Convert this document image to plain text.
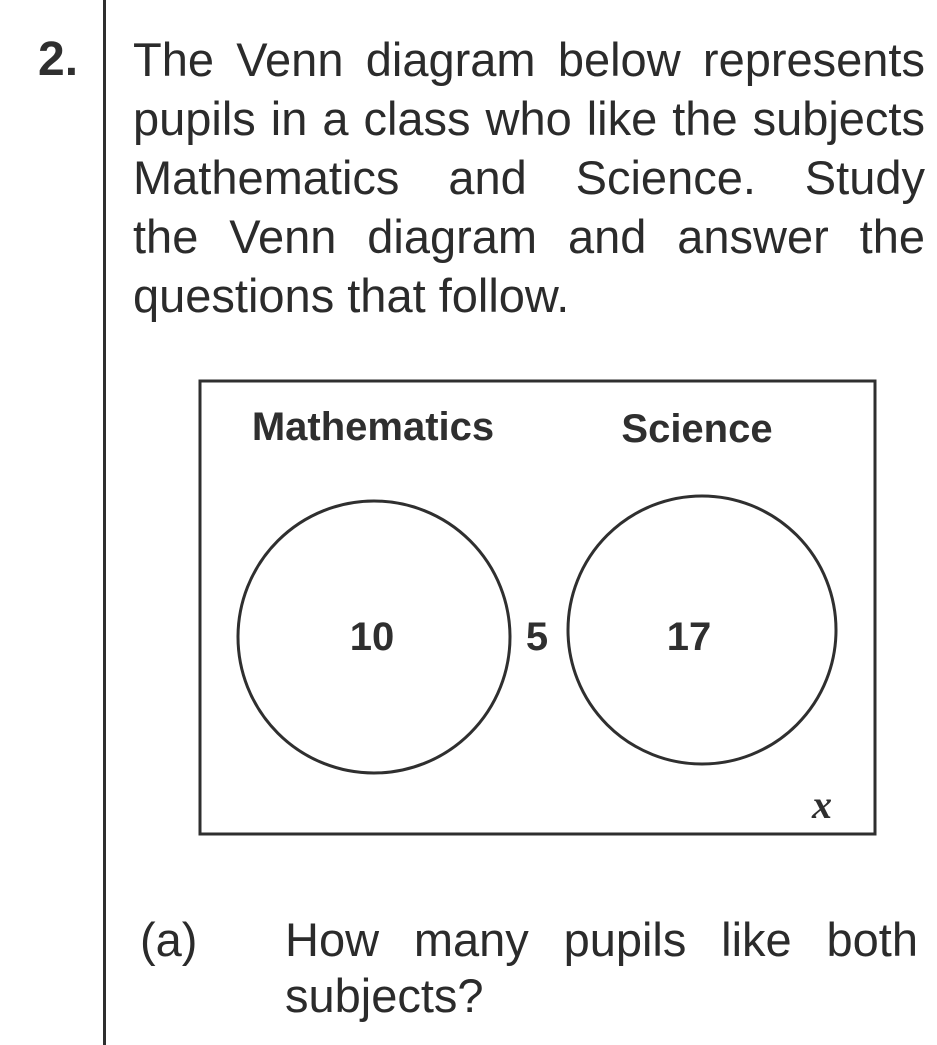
2. The Venn diagram below represents
pupils in a class who like the subjects
Mathematics and Science. Study
the Venn diagram and answer the
questions that follow.
Mathematics	Science
10	5	17
x
(a) How many pupils like both
subjects?
